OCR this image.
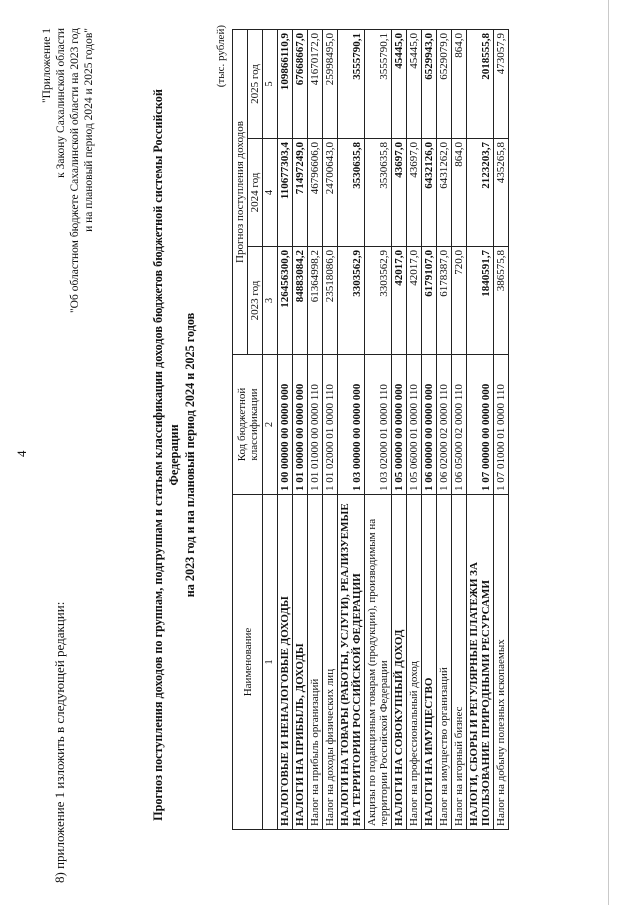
4
"Приложение 1 к Закону Сахалинской области "Об областном бюджете Сахалинской области на 2023 год и на плановый период 2024 и 2025 годов"
8) приложение 1 изложить в следующей редакции:	Прогноз поступления доходов по группам, подгруппам и статьям классификации доходов бюджетов бюджетной системы Российской Федерации на 2023 год и на плановый период 2024 и 2025 годов
(тыс. рублей)
Наименование	Код бюджетной классификации	Прогноз поступления доходов		
		2023 год	2024 год	2025 год
1	2	3	4	5
НАЛОГОВЫЕ И НЕНАЛОГОВЫЕ ДОХОДЫ	1 00 00000 00 0000 000	126456300,0	110677303,4	109866110,9
НАЛОГИ НА ПРИБЫЛЬ, ДОХОДЫ	1 01 00000 00 0000 000	84883084,2	71497249,0	67668667,0
Налог на прибыль организаций	1 01 01000 00 0000 110	61364998,2	46796606,0	41670172,0
Налог на доходы физических лиц	1 01 02000 01 0000 110	23518086,0	24700643,0	25998495,0
НАЛОГИ НА ТОВАРЫ (РАБОТЫ, УСЛУГИ), РЕАЛИЗУЕМЫЕ НА ТЕРРИТОРИИ РОССИЙСКОЙ ФЕДЕРАЦИИ	1 03 00000 00 0000 000	3303562,9	3530635,8	3555790,1
Акцизы по подакцизным товарам (продукции), производимым на территории Российской Федерации	1 03 02000 01 0000 110	3303562,9	3530635,8	3555790,1
НАЛОГИ НА СОВОКУПНЫЙ ДОХОД	1 05 00000 00 0000 000	42017,0	43697,0	45445,0
Налог на профессиональный доход	1 05 06000 01 0000 110	42017,0	43697,0	45445,0
НАЛОГИ НА ИМУЩЕСТВО	1 06 00000 00 0000 000	6179107,0	6432126,0	6529943,0
Налог на имущество организаций	1 06 02000 02 0000 110	6178387,0	6431262,0	6529079,0
Налог на игорный бизнес	1 06 05000 02 0000 110	720,0	864,0	864,0
НАЛОГИ, СБОРЫ И РЕГУЛЯРНЫЕ ПЛАТЕЖИ ЗА ПОЛЬЗОВАНИЕ ПРИРОДНЫМИ РЕСУРСАМИ	1 07 00000 00 0000 000	1840591,7	2123203,7	2018555,8
Налог на добычу полезных ископаемых	1 07 01000 01 0000 110	386575,8	435265,8	473057,9
